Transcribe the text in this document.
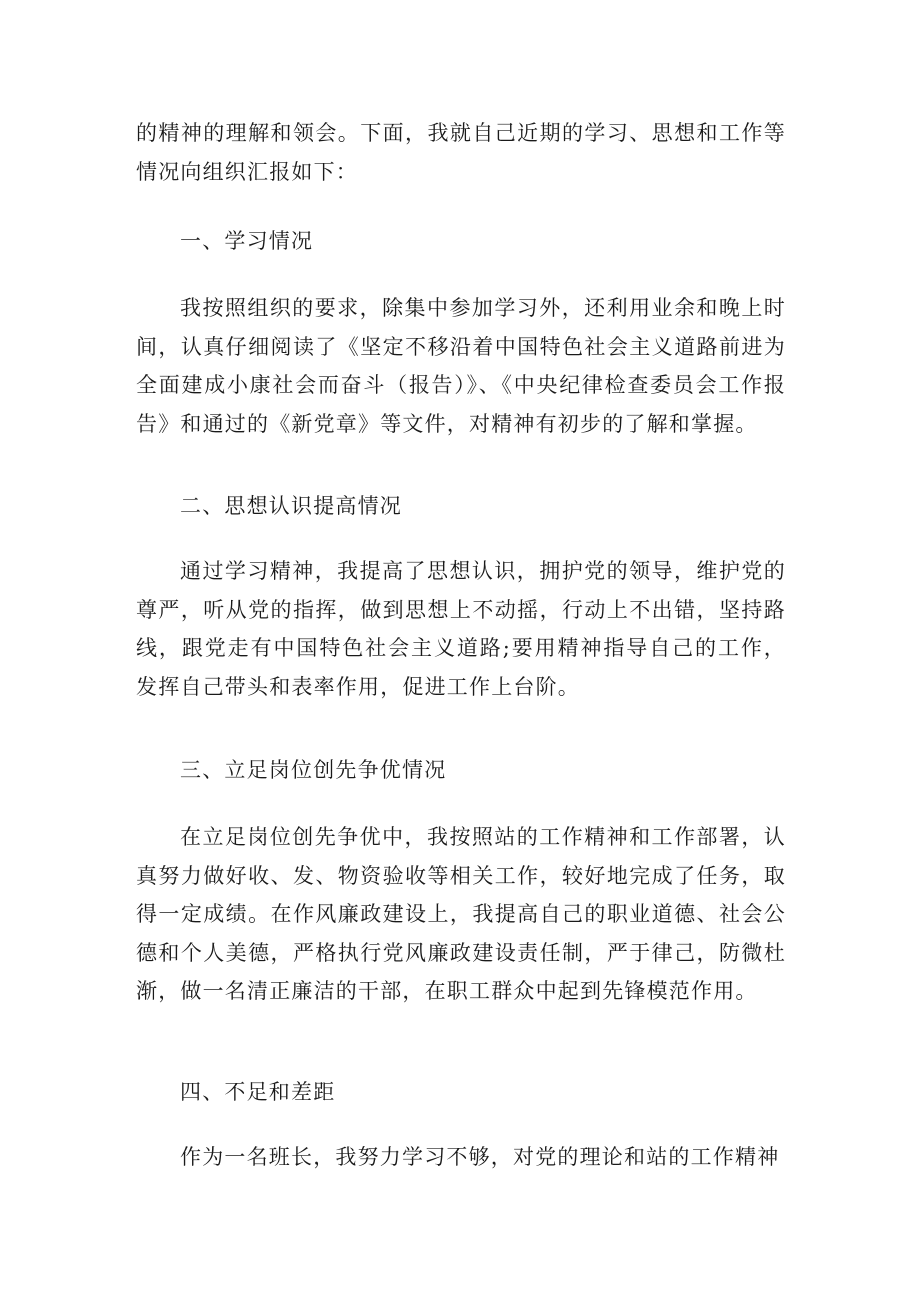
的精神的理解和领会。下面，我就自己近期的学习、思想和工作等情况向组织汇报如下：

一、学习情况

我按照组织的要求，除集中参加学习外，还利用业余和晚上时间，认真仔细阅读了《坚定不移沿着中国特色社会主义道路前进为全面建成小康社会而奋斗（报告）》、《中央纪律检查委员会工作报告》和通过的《新党章》等文件，对精神有初步的了解和掌握。

二、思想认识提高情况

通过学习精神，我提高了思想认识，拥护党的领导，维护党的尊严，听从党的指挥，做到思想上不动摇，行动上不出错，坚持路线，跟党走有中国特色社会主义道路;要用精神指导自己的工作，发挥自己带头和表率作用，促进工作上台阶。

三、立足岗位创先争优情况

在立足岗位创先争优中，我按照站的工作精神和工作部署，认真努力做好收、发、物资验收等相关工作，较好地完成了任务，取得一定成绩。在作风廉政建设上，我提高自己的职业道德、社会公德和个人美德，严格执行党风廉政建设责任制，严于律己，防微杜渐，做一名清正廉洁的干部，在职工群众中起到先锋模范作用。

四、不足和差距

作为一名班长，我努力学习不够，对党的理论和站的工作精神
